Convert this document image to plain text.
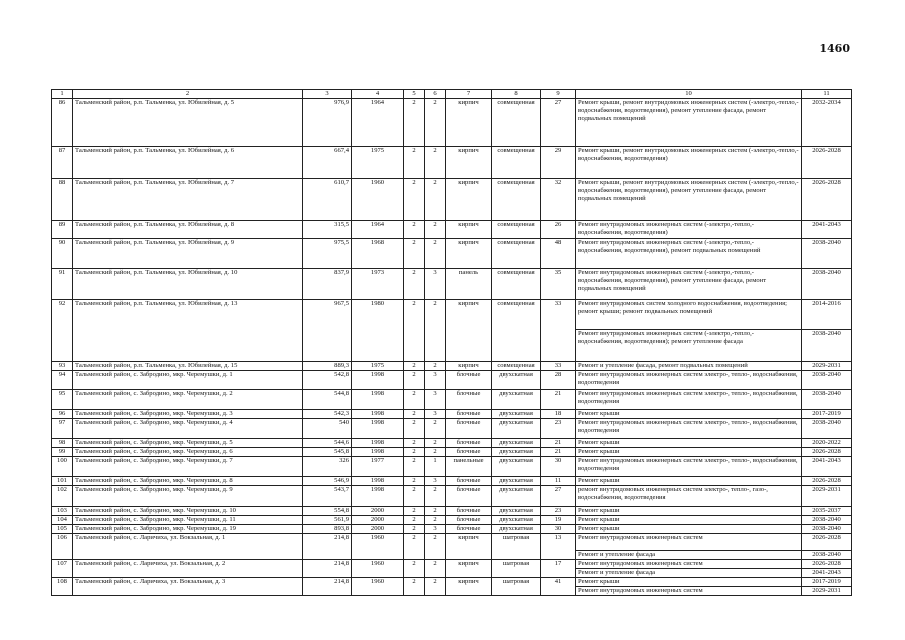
1460
1	2	3	4	5	6	7	8	9	10	11
86	Тальменский район, р.п. Тальменка, ул. Юбилейная, д. 5	976,9	1964	2	2	кирпич	совмещенная	27	Ремонт крыши, ремонт внутридомовых инженерных систем (-электро,-тепло,- водоснабжения, водоотведения), ремонт утепление фасада, ремонт подвальных помещений	2032-2034
87	Тальменский район, р.п. Тальменка, ул. Юбилейная, д. 6	667,4	1975	2	2	кирпич	совмещенная	29	Ремонт крыши, ремонт внутридомовых инженерных систем (-электро,-тепло,- водоснабжения, водоотведения)	2026-2028
88	Тальменский район, р.п. Тальменка, ул. Юбилейная, д. 7	610,7	1960	2	2	кирпич	совмещенная	32	Ремонт крыши, ремонт внутридомовых инженерных систем (-электро,-тепло,- водоснабжения, водоотведения), ремонт утепление фасада, ремонт подвальных помещений	2026-2028
89	Тальменский район, р.п. Тальменка, ул. Юбилейная, д. 8	315,5	1964	2	2	кирпич	совмещенная	26	Ремонт внутридомовых инженерных систем (-электро,-тепло,- водоснабжения, водоотведения)	2041-2043
90	Тальменский район, р.п. Тальменка, ул. Юбилейная, д. 9	975,5	1968	2	2	кирпич	совмещенная	48	Ремонт внутридомовых инженерных систем (-электро,-тепло,- водоснабжения, водоотведения), ремонт подвальных помещений	2038-2040
91	Тальменский район, р.п. Тальменка, ул. Юбилейная, д. 10	837,9	1973	2	3	панель	совмещенная	35	Ремонт внутридомовых инженерных систем (-электро,-тепло,- водоснабжения, водоотведения), ремонт утепление фасада, ремонт подвальных помещений	2038-2040
92	Тальменский район, р.п. Тальменка, ул. Юбилейная, д. 13	967,5	1980	2	2	кирпич	совмещенная	33	Ремонт внутридомовых систем холодного водоснабжения, водоотведения; ремонт крыши; ремонт подвальных помещений	2014-2016
									Ремонт внутридомовых инженерных систем (-электро,-тепло,- водоснабжения, водоотведения); ремонт утепление фасада	2038-2040
93	Тальменский район, р.п. Тальменка, ул. Юбилейная, д. 15	889,3	1975	2	2	кирпич	совмещенная	33	Ремонт и утепление фасада, ремонт подвальных помещений	2029-2031
94	Тальменский район, с. Забродино, мкр. Черемушки, д. 1	542,8	1998	2	3	блочные	двухскатная	28	Ремонт внутридомовых инженерных систем электро-, тепло-, водоснабжения, водоотведения	2038-2040
95	Тальменский район, с. Забродино, мкр. Черемушки, д. 2	544,8	1998	2	3	блочные	двухскатная	21	Ремонт внутридомовых инженерных систем электро-, тепло-, водоснабжения, водоотведения	2038-2040
96	Тальменский район, с. Забродино, мкр. Черемушки, д. 3	542,3	1998	2	3	блочные	двухскатная	18	Ремонт крыши	2017-2019
97	Тальменский район, с. Забродино, мкр. Черемушки, д. 4	540	1998	2	2	блочные	двухскатная	23	Ремонт внутридомовых инженерных систем электро-, тепло-, водоснабжения, водоотведения	2038-2040
98	Тальменский район, с. Забродино, мкр. Черемушки, д. 5	544,6	1998	2	2	блочные	двухскатная	21	Ремонт крыши	2020-2022
99	Тальменский район, с. Забродино, мкр. Черемушки, д. 6	545,8	1998	2	2	блочные	двухскатная	21	Ремонт крыши	2026-2028
100	Тальменский район, с. Забродино, мкр. Черемушки, д. 7	326	1977	2	1	панельные	двухскатная	30	Ремонт внутридомовых инженерных систем электро-, тепло-, водоснабжения, водоотведения	2041-2043
101	Тальменский район, с. Забродино, мкр. Черемушки, д. 8	546,9	1998	2	3	блочные	двухскатная	11	Ремонт крыши	2026-2028
102	Тальменский район, с. Забродино, мкр. Черемушки, д. 9	543,7	1998	2	2	блочные	двухскатная	27	ремонт внутридомовых инженерных систем электро-, тепло-, газо-, водоснабжения, водоотведения	2029-2031
103	Тальменский район, с. Забродино, мкр. Черемушки, д. 10	554,8	2000	2	2	блочные	двухскатная	23	Ремонт крыши	2035-2037
104	Тальменский район, с. Забродино, мкр. Черемушки, д. 11	561,9	2000	2	2	блочные	двухскатная	19	Ремонт крыши	2038-2040
105	Тальменский район, с. Забродино, мкр. Черемушки, д. 19	893,8	2000	2	3	блочные	двухскатная	30	Ремонт крыши	2038-2040
106	Тальменский район, с. Ларичиха, ул. Вокзальная, д. 1	214,8	1960	2	2	кирпич	шатровая	13	Ремонт внутридомовых инженерных систем	2026-2028
									Ремонт и утепление фасада	2038-2040
107	Тальменский район, с. Ларичиха, ул. Вокзальная, д. 2	214,8	1960	2	2	кирпич	шатровая	17	Ремонт внутридомовых инженерных систем	2026-2028
									Ремонт и утепление фасада	2041-2043
108	Тальменский район, с. Ларичиха, ул. Вокзальная, д. 3	214,8	1960	2	2	кирпич	шатровая	41	Ремонт крыши	2017-2019
									Ремонт внутридомовых инженерных систем	2029-2031
